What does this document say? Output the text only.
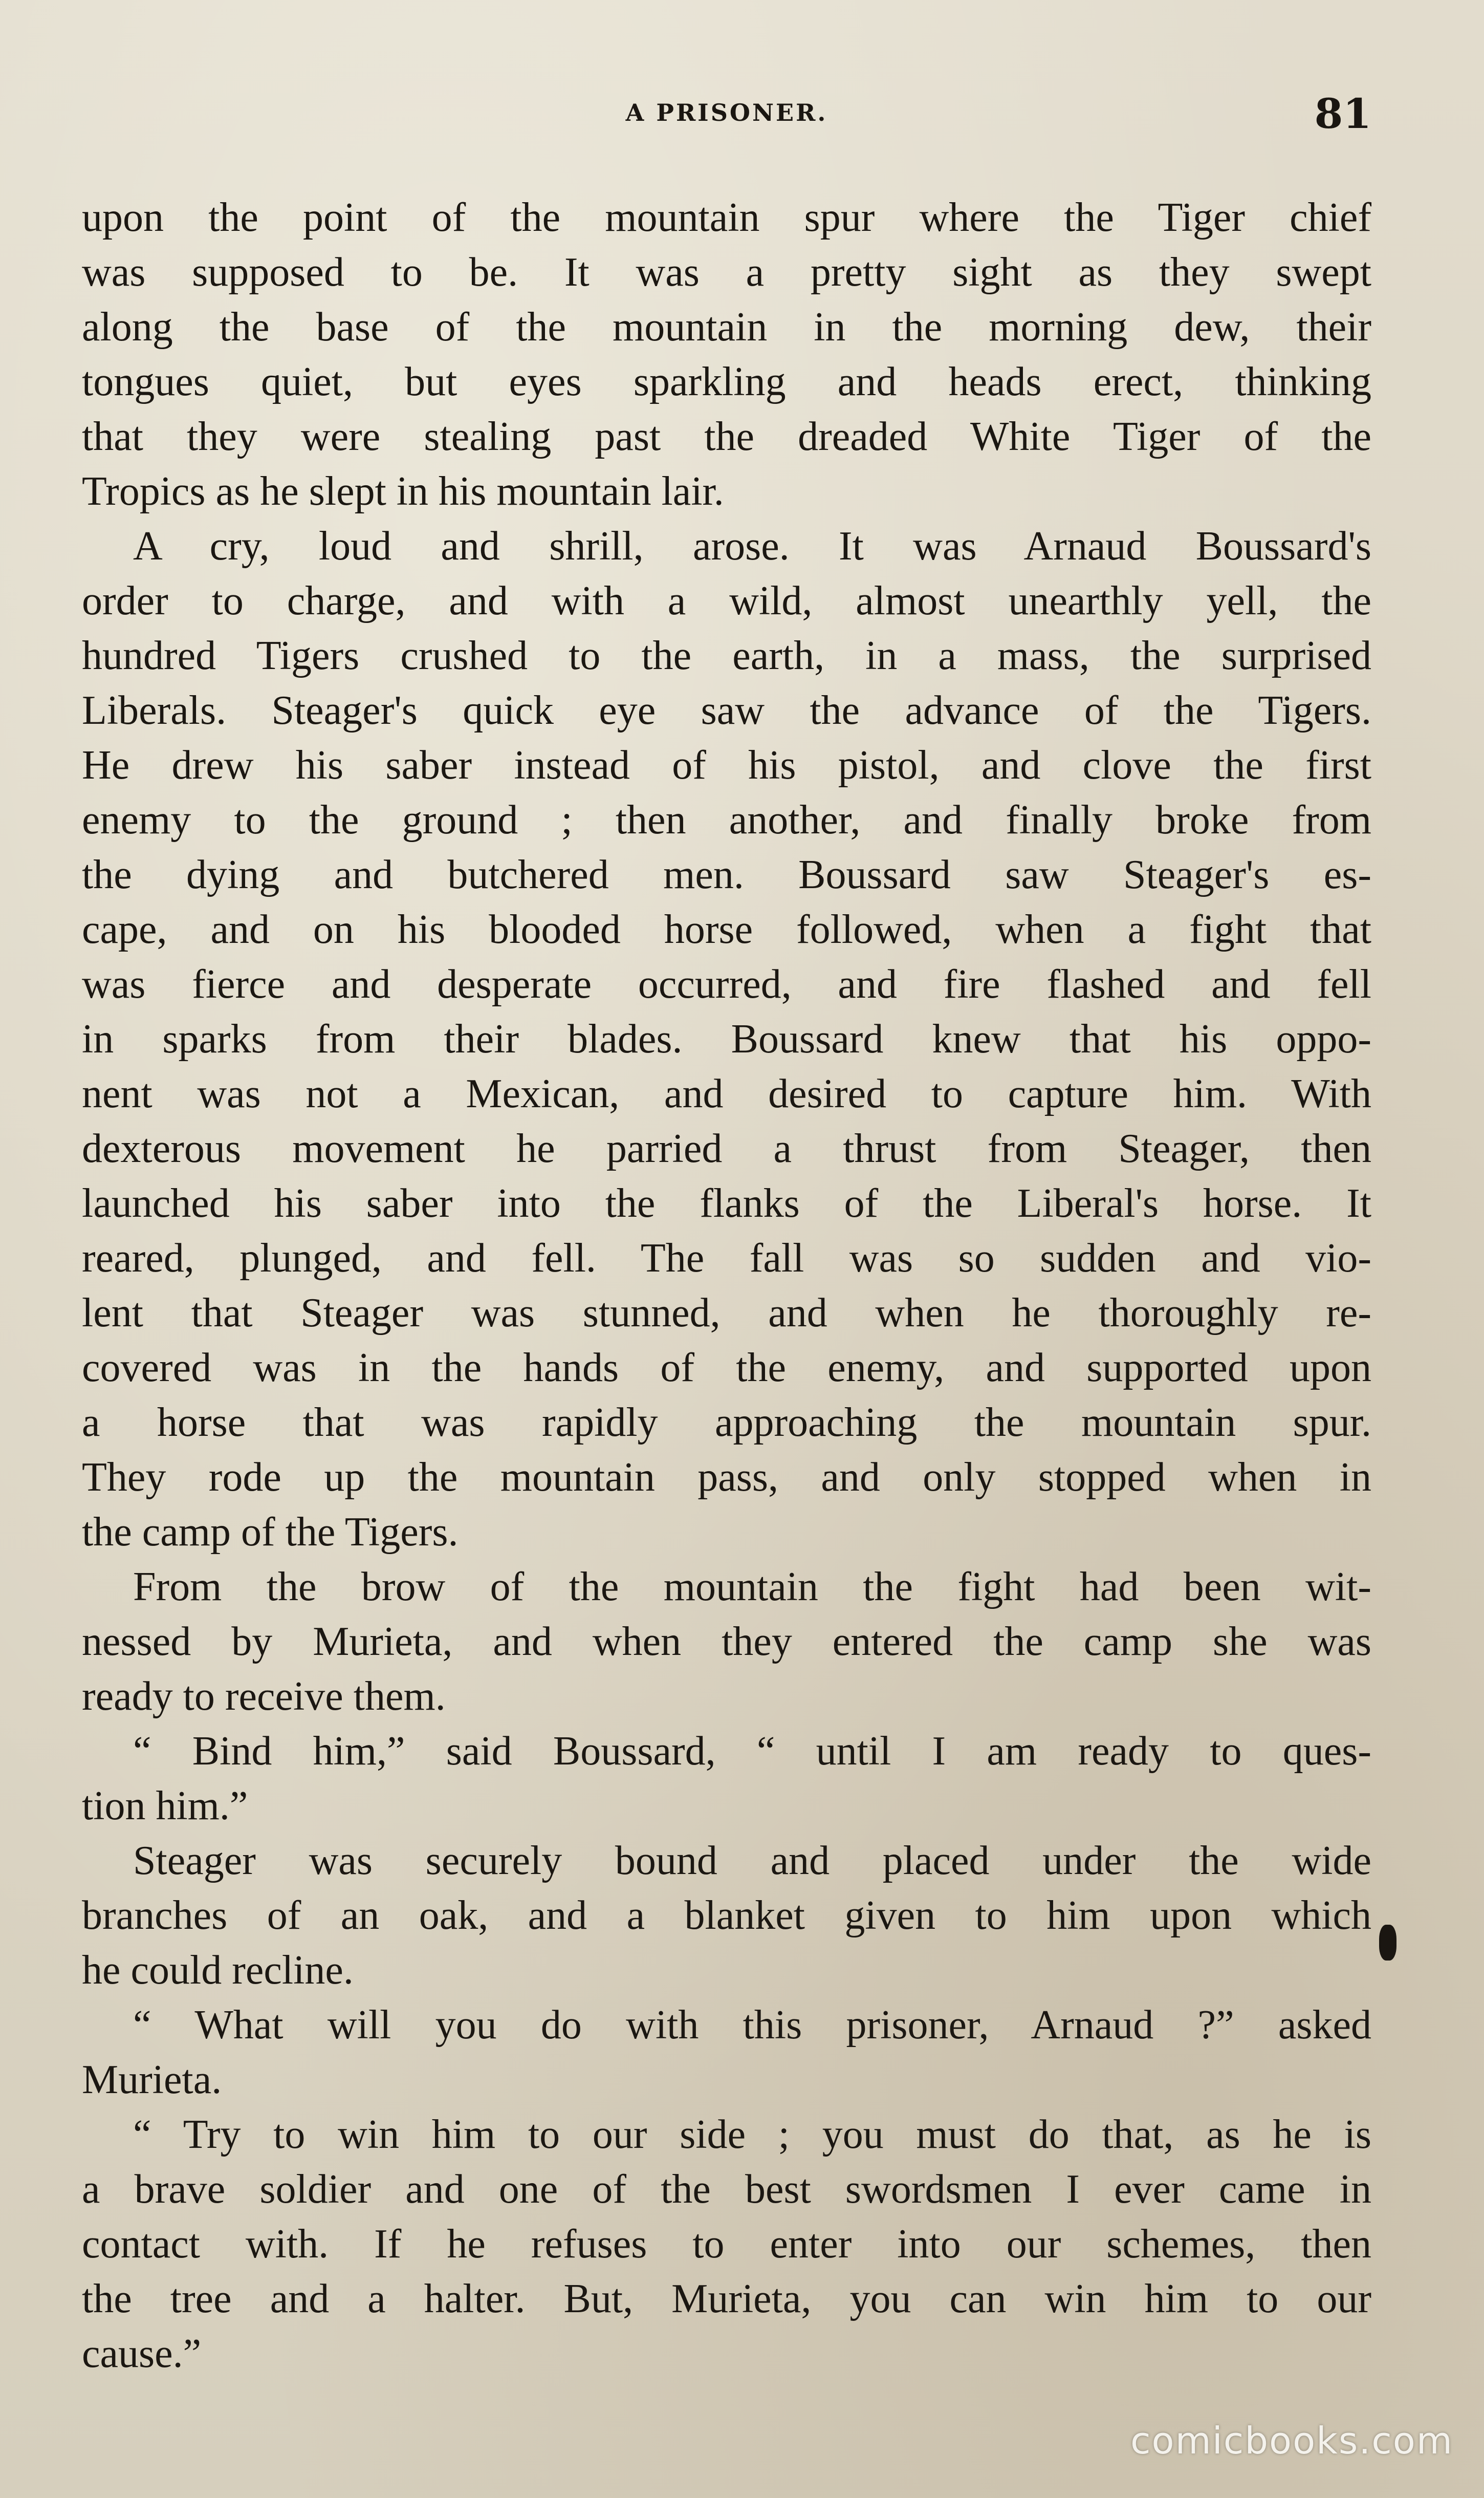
A PRISONER.	81
upon the point of the mountain spur where the Tiger chief
was supposed to be. It was a pretty sight as they swept
along the base of the mountain in the morning dew, their
tongues quiet, but eyes sparkling and heads erect, thinking
that they were stealing past the dreaded White Tiger of the
Tropics as he slept in his mountain lair.
A cry, loud and shrill, arose. It was Arnaud Boussard's
order to charge, and with a wild, almost unearthly yell, the
hundred Tigers crushed to the earth, in a mass, the surprised
Liberals. Steager's quick eye saw the advance of the Tigers.
He drew his saber instead of his pistol, and clove the first
enemy to the ground ; then another, and finally broke from
the dying and butchered men. Boussard saw Steager's es-
cape, and on his blooded horse followed, when a fight that
was fierce and desperate occurred, and fire flashed and fell
in sparks from their blades. Boussard knew that his oppo-
nent was not a Mexican, and desired to capture him. With
dexterous movement he parried a thrust from Steager, then
launched his saber into the flanks of the Liberal's horse. It
reared, plunged, and fell. The fall was so sudden and vio-
lent that Steager was stunned, and when he thoroughly re-
covered was in the hands of the enemy, and supported upon
a horse that was rapidly approaching the mountain spur.
They rode up the mountain pass, and only stopped when in
the camp of the Tigers.
From the brow of the mountain the fight had been wit-
nessed by Murieta, and when they entered the camp she was
ready to receive them.
“ Bind him,” said Boussard, “ until I am ready to ques-
tion him.”
Steager was securely bound and placed under the wide
branches of an oak, and a blanket given to him upon which
he could recline.
“ What will you do with this prisoner, Arnaud ?” asked
Murieta.
“ Try to win him to our side ; you must do that, as he is
a brave soldier and one of the best swordsmen I ever came in
contact with. If he refuses to enter into our schemes, then
the tree and a halter. But, Murieta, you can win him to our
cause.”
comicbooks.com
